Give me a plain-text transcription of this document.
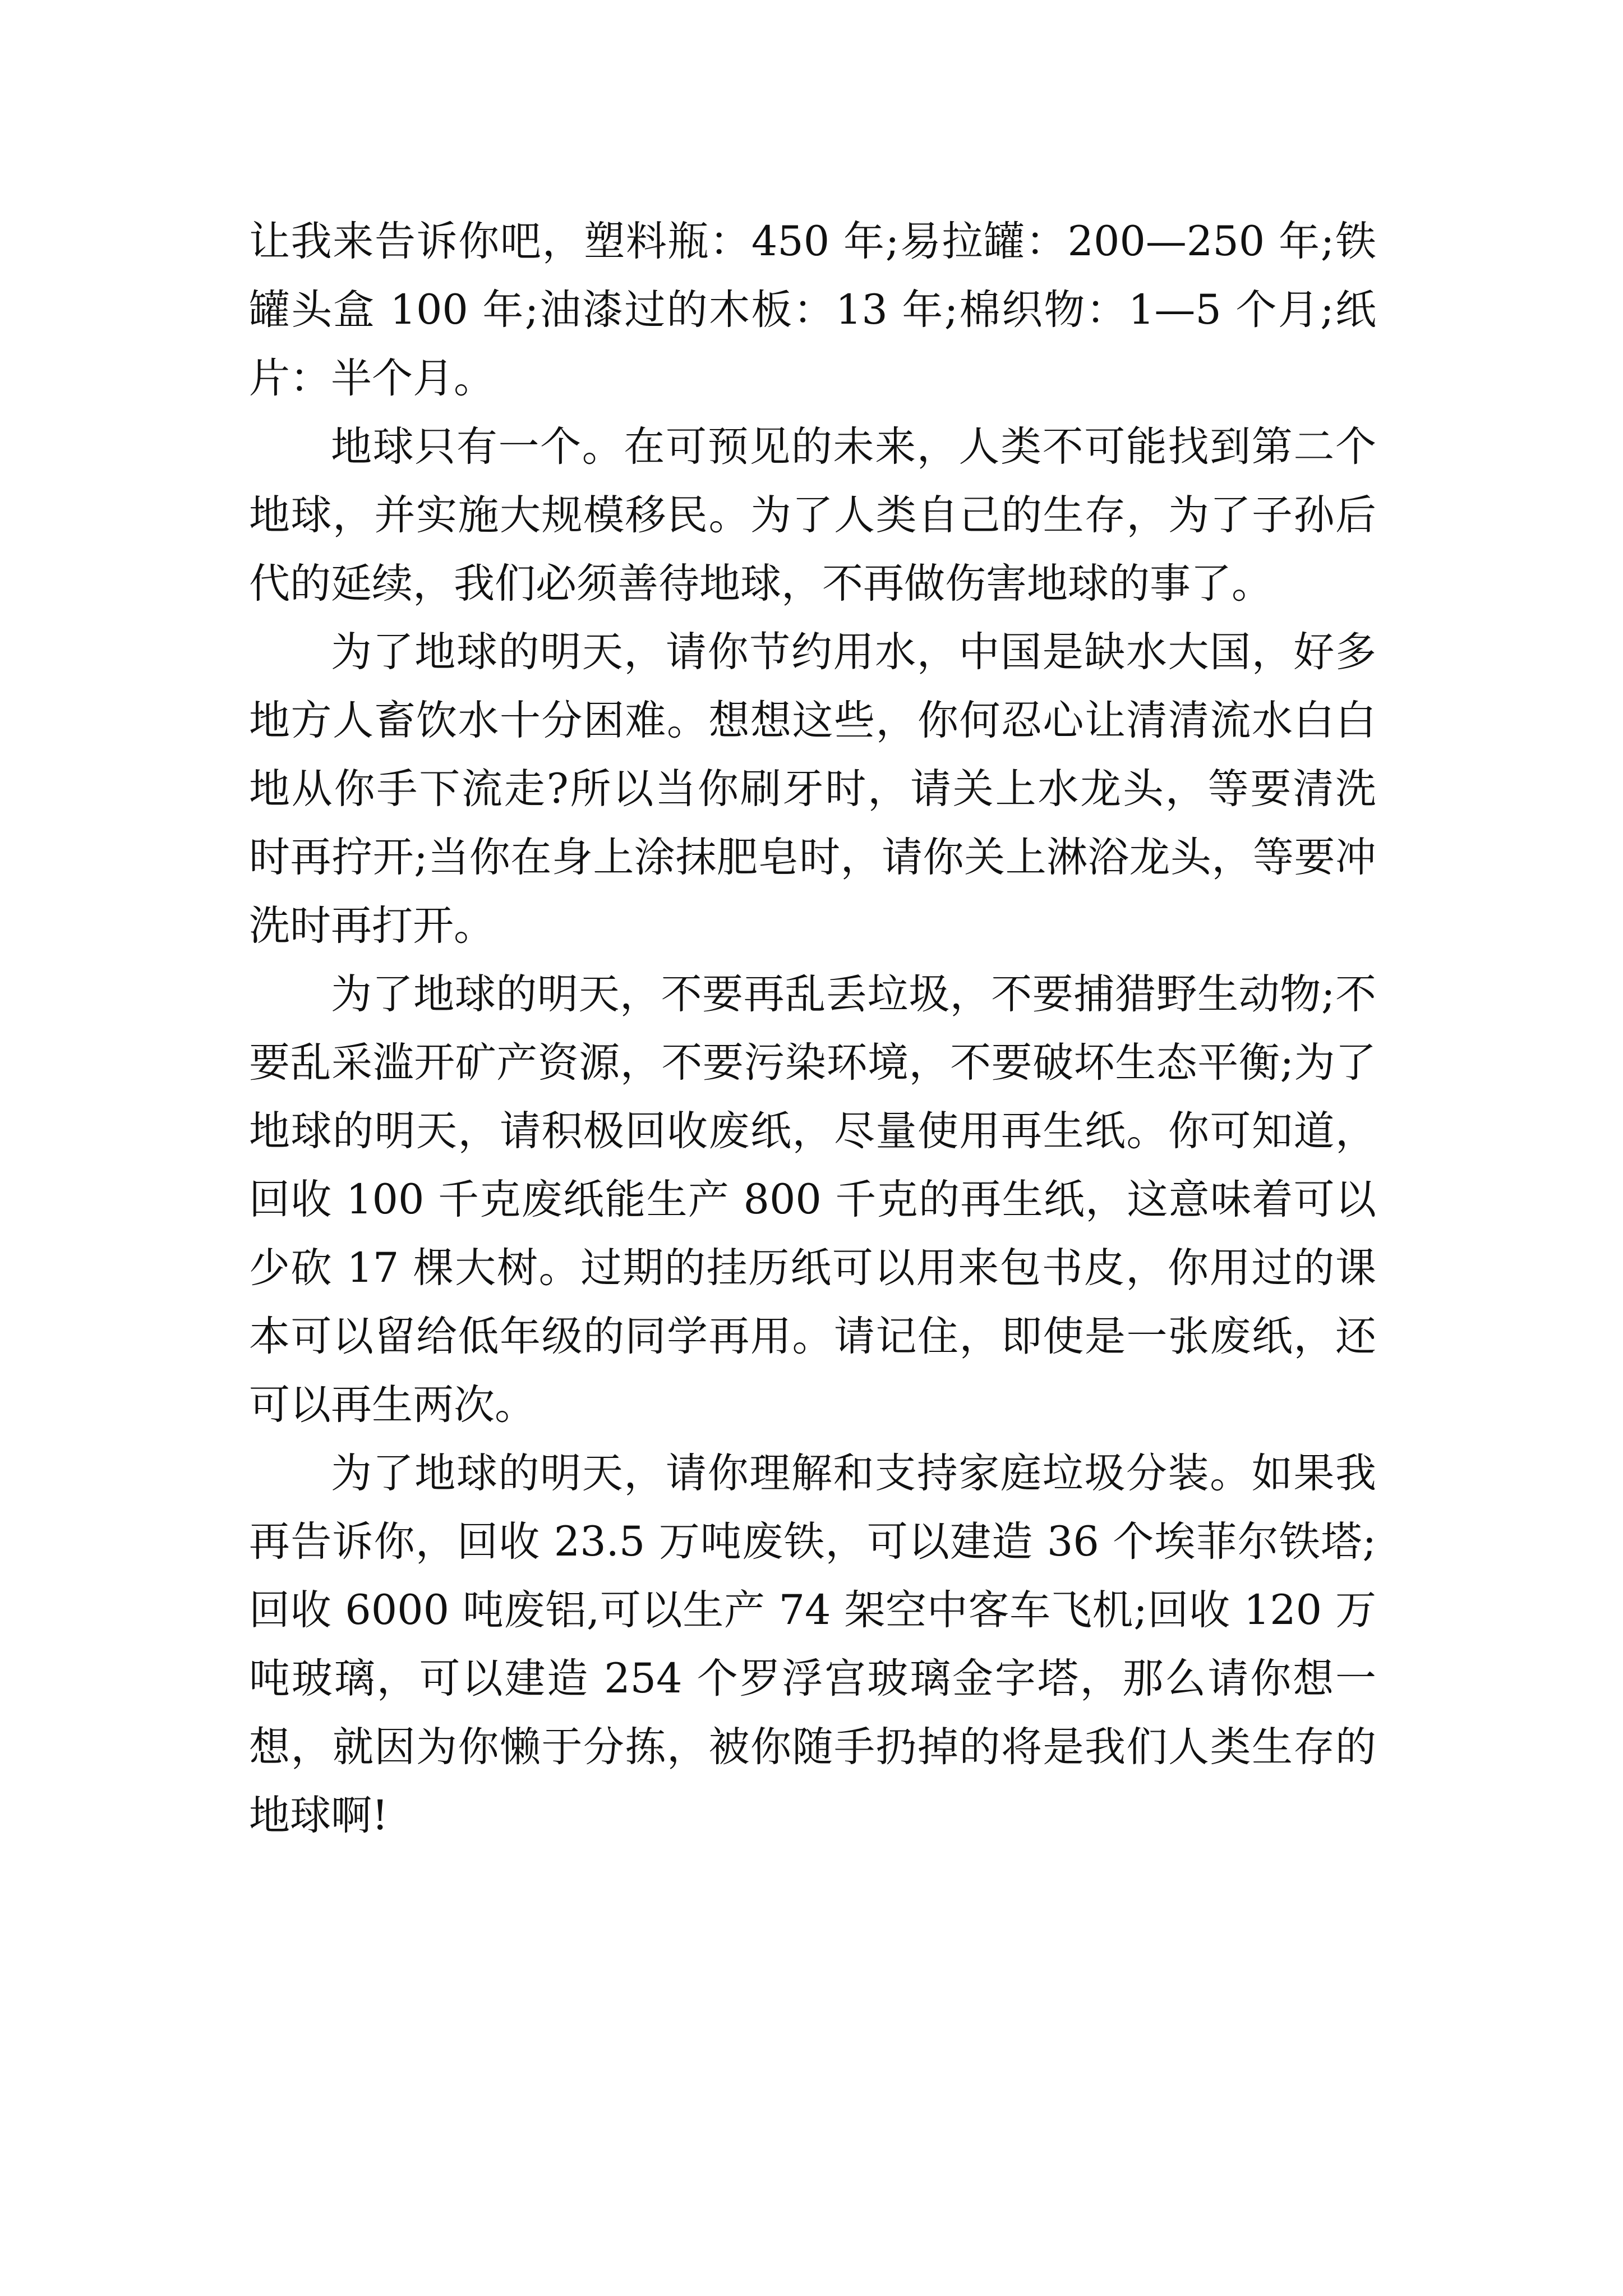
让我来告诉你吧，塑料瓶：450 年;易拉罐：200—250 年;铁罐头盒 100 年;油漆过的木板：13 年;棉织物：1—5 个月;纸片：半个月。

地球只有一个。在可预见的未来，人类不可能找到第二个地球，并实施大规模移民。为了人类自己的生存，为了子孙后代的延续，我们必须善待地球，不再做伤害地球的事了。

为了地球的明天，请你节约用水，中国是缺水大国，好多地方人畜饮水十分困难。想想这些，你何忍心让清清流水白白地从你手下流走?所以当你刷牙时，请关上水龙头，等要清洗时再拧开;当你在身上涂抹肥皂时，请你关上淋浴龙头，等要冲洗时再打开。

为了地球的明天，不要再乱丢垃圾，不要捕猎野生动物;不要乱采滥开矿产资源，不要污染环境，不要破坏生态平衡;为了地球的明天，请积极回收废纸，尽量使用再生纸。你可知道，回收 100 千克废纸能生产 800 千克的再生纸，这意味着可以少砍 17 棵大树。过期的挂历纸可以用来包书皮，你用过的课本可以留给低年级的同学再用。请记住，即使是一张废纸，还可以再生两次。

为了地球的明天，请你理解和支持家庭垃圾分装。如果我再告诉你，回收 23.5 万吨废铁，可以建造 36 个埃菲尔铁塔;回收 6000 吨废铝,可以生产 74 架空中客车飞机;回收 120 万吨玻璃，可以建造 254 个罗浮宫玻璃金字塔，那么请你想一想，就因为你懒于分拣，被你随手扔掉的将是我们人类生存的地球啊!
